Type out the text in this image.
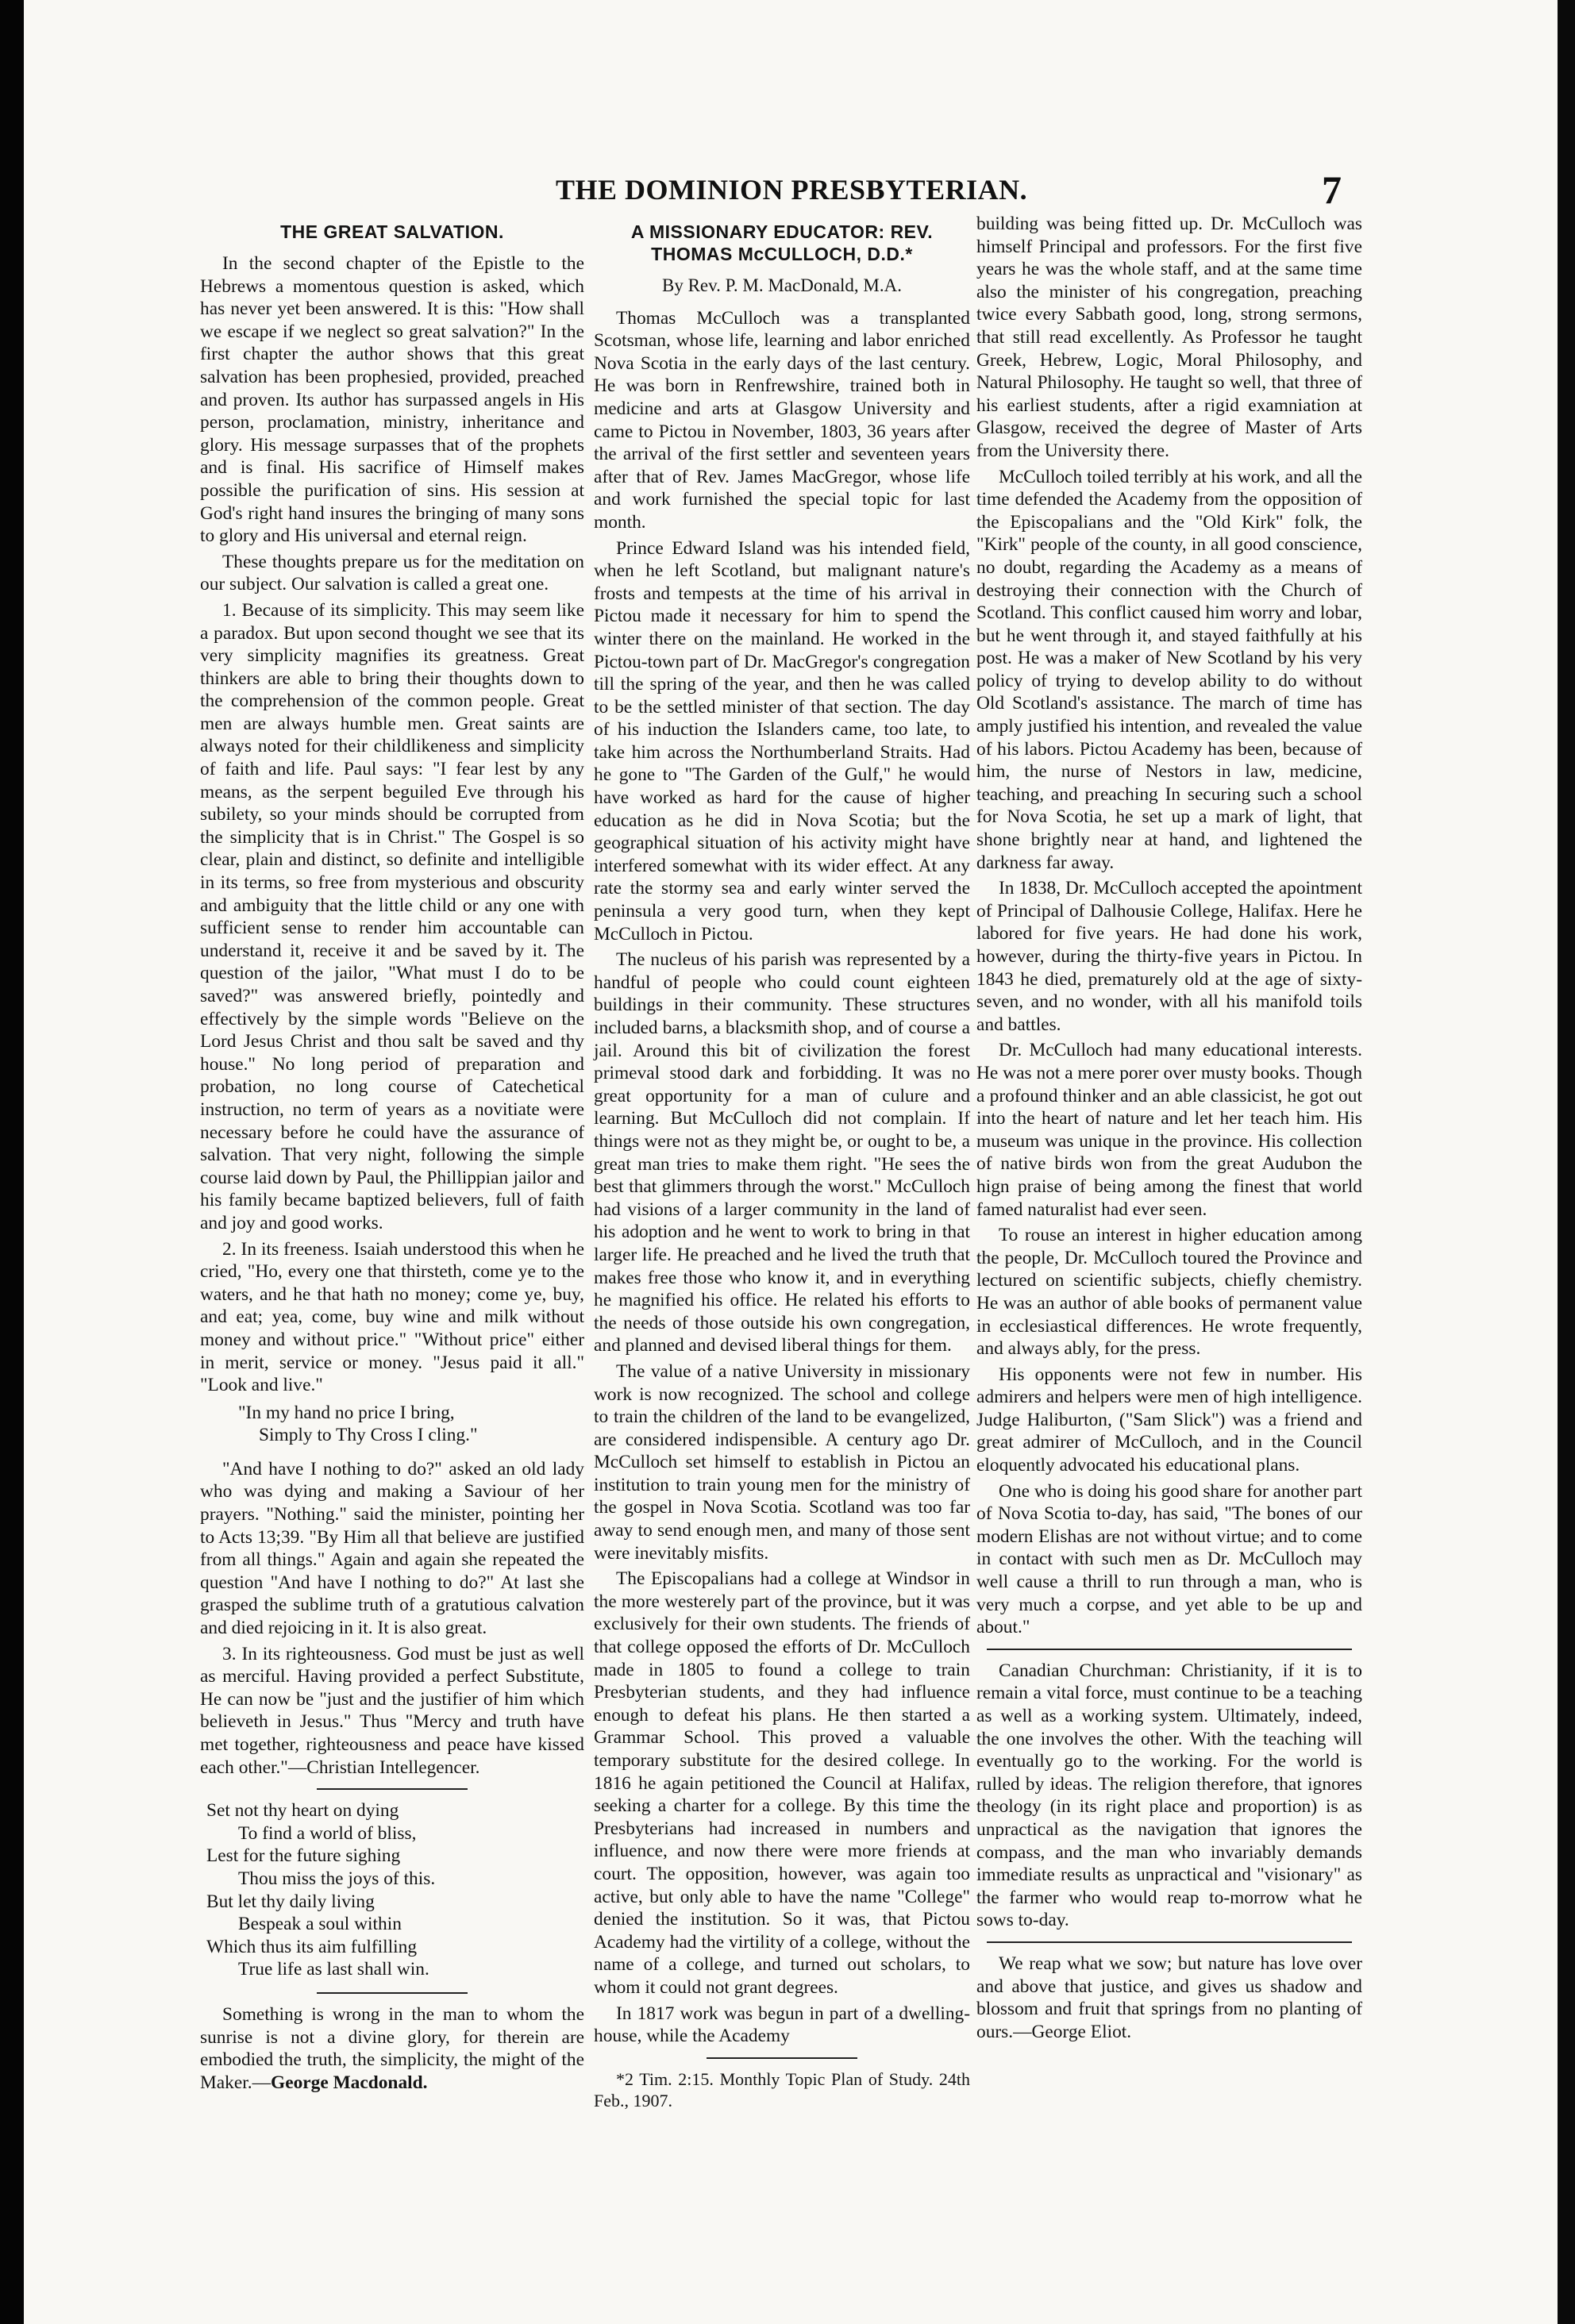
THE DOMINION PRESBYTERIAN.	7
THE GREAT SALVATION.

In the second chapter of the Epistle to the Hebrews a momentous question is asked, which has never yet been answered. It is this: "How shall we escape if we neglect so great salvation?" In the first chapter the author shows that this great salvation has been prophesied, provided, preached and proven. Its author has surpassed angels in His person, proclamation, ministry, inheritance and glory. His message surpasses that of the prophets and is final. His sacrifice of Himself makes possible the purification of sins. His session at God's right hand insures the bringing of many sons to glory and His universal and eternal reign.

These thoughts prepare us for the meditation on our subject. Our salvation is called a great one.

1. Because of its simplicity. This may seem like a paradox. But upon second thought we see that its very simplicity magnifies its greatness. Great thinkers are able to bring their thoughts down to the comprehension of the common people. Great men are always humble men. Great saints are always noted for their childlikeness and simplicity of faith and life. Paul says: "I fear lest by any means, as the serpent beguiled Eve through his subilety, so your minds should be corrupted from the simplicity that is in Christ." The Gospel is so clear, plain and distinct, so definite and intelligible in its terms, so free from mysterious and obscurity and ambiguity that the little child or any one with sufficient sense to render him accountable can understand it, receive it and be saved by it. The question of the jailor, "What must I do to be saved?" was answered briefly, pointedly and effectively by the simple words "Believe on the Lord Jesus Christ and thou salt be saved and thy house." No long period of preparation and probation, no long course of Catechetical instruction, no term of years as a novitiate were necessary before he could have the assurance of salvation. That very night, following the simple course laid down by Paul, the Phillippian jailor and his family became baptized believers, full of faith and joy and good works.

2. In its freeness. Isaiah understood this when he cried, "Ho, every one that thirsteth, come ye to the waters, and he that hath no money; come ye, buy, and eat; yea, come, buy wine and milk without money and without price." "Without price" either in merit, service or money. "Jesus paid it all." "Look and live."

"In my hand no price I bring,
Simply to Thy Cross I cling."

"And have I nothing to do?" asked an old lady who was dying and making a Saviour of her prayers. "Nothing." said the minister, pointing her to Acts 13;39. "By Him all that believe are justified from all things." Again and again she repeated the question "And have I nothing to do?" At last she grasped the sublime truth of a gratutious calvation and died rejoicing in it. It is also great.

3. In its righteousness. God must be just as well as merciful. Having provided a perfect Substitute, He can now be "just and the justifier of him which believeth in Jesus." Thus "Mercy and truth have met together, righteousness and peace have kissed each other."—Christian Intellegencer.

Set not thy heart on dying
To find a world of bliss,
Lest for the future sighing
Thou miss the joys of this.
But let thy daily living
Bespeak a soul within
Which thus its aim fulfilling
True life as last shall win.

Something is wrong in the man to whom the sunrise is not a divine glory, for therein are embodied the truth, the simplicity, the might of the Maker.—George Macdonald.

A MISSIONARY EDUCATOR: REV.
THOMAS McCULLOCH, D.D.*
By Rev. P. M. MacDonald, M.A.

Thomas McCulloch was a transplanted Scotsman, whose life, learning and labor enriched Nova Scotia in the early days of the last century. He was born in Renfrewshire, trained both in medicine and arts at Glasgow University and came to Pictou in November, 1803, 36 years after the arrival of the first settler and seventeen years after that of Rev. James MacGregor, whose life and work furnished the special topic for last month.

Prince Edward Island was his intended field, when he left Scotland, but malignant nature's frosts and tempests at the time of his arrival in Pictou made it necessary for him to spend the winter there on the mainland. He worked in the Pictou-town part of Dr. MacGregor's congregation till the spring of the year, and then he was called to be the settled minister of that section. The day of his induction the Islanders came, too late, to take him across the Northumberland Straits. Had he gone to "The Garden of the Gulf," he would have worked as hard for the cause of higher education as he did in Nova Scotia; but the geographical situation of his activity might have interfered somewhat with its wider effect. At any rate the stormy sea and early winter served the peninsula a very good turn, when they kept McCulloch in Pictou.

The nucleus of his parish was represented by a handful of people who could count eighteen buildings in their community. These structures included barns, a blacksmith shop, and of course a jail. Around this bit of civilization the forest primeval stood dark and forbidding. It was no great opportunity for a man of culure and learning. But McCulloch did not complain. If things were not as they might be, or ought to be, a great man tries to make them right. "He sees the best that glimmers through the worst." McCulloch had visions of a larger community in the land of his adoption and he went to work to bring in that larger life. He preached and he lived the truth that makes free those who know it, and in everything he magnified his office. He related his efforts to the needs of those outside his own congregation, and planned and devised liberal things for them.

The value of a native University in missionary work is now recognized. The school and college to train the children of the land to be evangelized, are considered indispensible. A century ago Dr. McCulloch set himself to establish in Pictou an institution to train young men for the ministry of the gospel in Nova Scotia. Scotland was too far away to send enough men, and many of those sent were inevitably misfits.

The Episcopalians had a college at Windsor in the more westerely part of the province, but it was exclusively for their own students. The friends of that college opposed the efforts of Dr. McCulloch made in 1805 to found a college to train Presbyterian students, and they had influence enough to defeat his plans. He then started a Grammar School. This proved a valuable temporary substitute for the desired college. In 1816 he again petitioned the Council at Halifax, seeking a charter for a college. By this time the Presbyterians had increased in numbers and influence, and now there were more friends at court. The opposition, however, was again too active, but only able to have the name "College" denied the institution. So it was, that Pictou Academy had the virtility of a college, without the name of a college, and turned out scholars, to whom it could not grant degrees.

In 1817 work was begun in part of a dwelling-house, while the Academy

*2 Tim. 2:15. Monthly Topic Plan of Study. 24th Feb., 1907.

building was being fitted up. Dr. McCulloch was himself Principal and professors. For the first five years he was the whole staff, and at the same time also the minister of his congregation, preaching twice every Sabbath good, long, strong sermons, that still read excellently. As Professor he taught Greek, Hebrew, Logic, Moral Philosophy, and Natural Philosophy. He taught so well, that three of his earliest students, after a rigid examniation at Glasgow, received the degree of Master of Arts from the University there.

McCulloch toiled terribly at his work, and all the time defended the Academy from the opposition of the Episcopalians and the "Old Kirk" folk, the "Kirk" people of the county, in all good conscience, no doubt, regarding the Academy as a means of destroying their connection with the Church of Scotland. This conflict caused him worry and lobar, but he went through it, and stayed faithfully at his post. He was a maker of New Scotland by his very policy of trying to develop ability to do without Old Scotland's assistance. The march of time has amply justified his intention, and revealed the value of his labors. Pictou Academy has been, because of him, the nurse of Nestors in law, medicine, teaching, and preaching In securing such a school for Nova Scotia, he set up a mark of light, that shone brightly near at hand, and lightened the darkness far away.

In 1838, Dr. McCulloch accepted the apointment of Principal of Dalhousie College, Halifax. Here he labored for five years. He had done his work, however, during the thirty-five years in Pictou. In 1843 he died, prematurely old at the age of sixty-seven, and no wonder, with all his manifold toils and battles.

Dr. McCulloch had many educational interests. He was not a mere porer over musty books. Though a profound thinker and an able classicist, he got out into the heart of nature and let her teach him. His museum was unique in the province. His collection of native birds won from the great Audubon the hign praise of being among the finest that world famed naturalist had ever seen.

To rouse an interest in higher education among the people, Dr. McCulloch toured the Province and lectured on scientific subjects, chiefly chemistry. He was an author of able books of permanent value in ecclesiastical differences. He wrote frequently, and always ably, for the press.

His opponents were not few in number. His admirers and helpers were men of high intelligence. Judge Haliburton, ("Sam Slick") was a friend and great admirer of McCulloch, and in the Council eloquently advocated his educational plans.

One who is doing his good share for another part of Nova Scotia to-day, has said, "The bones of our modern Elishas are not without virtue; and to come in contact with such men as Dr. McCulloch may well cause a thrill to run through a man, who is very much a corpse, and yet able to be up and about."

Canadian Churchman: Christianity, if it is to remain a vital force, must continue to be a teaching as well as a working system. Ultimately, indeed, the one involves the other. With the teaching will eventually go to the working. For the world is rulled by ideas. The religion therefore, that ignores theology (in its right place and proportion) is as unpractical as the navigation that ignores the compass, and the man who invariably demands immediate results as unpractical and "visionary" as the farmer who would reap to-morrow what he sows to-day.

We reap what we sow; but nature has love over and above that justice, and gives us shadow and blossom and fruit that springs from no planting of ours.—George Eliot.
